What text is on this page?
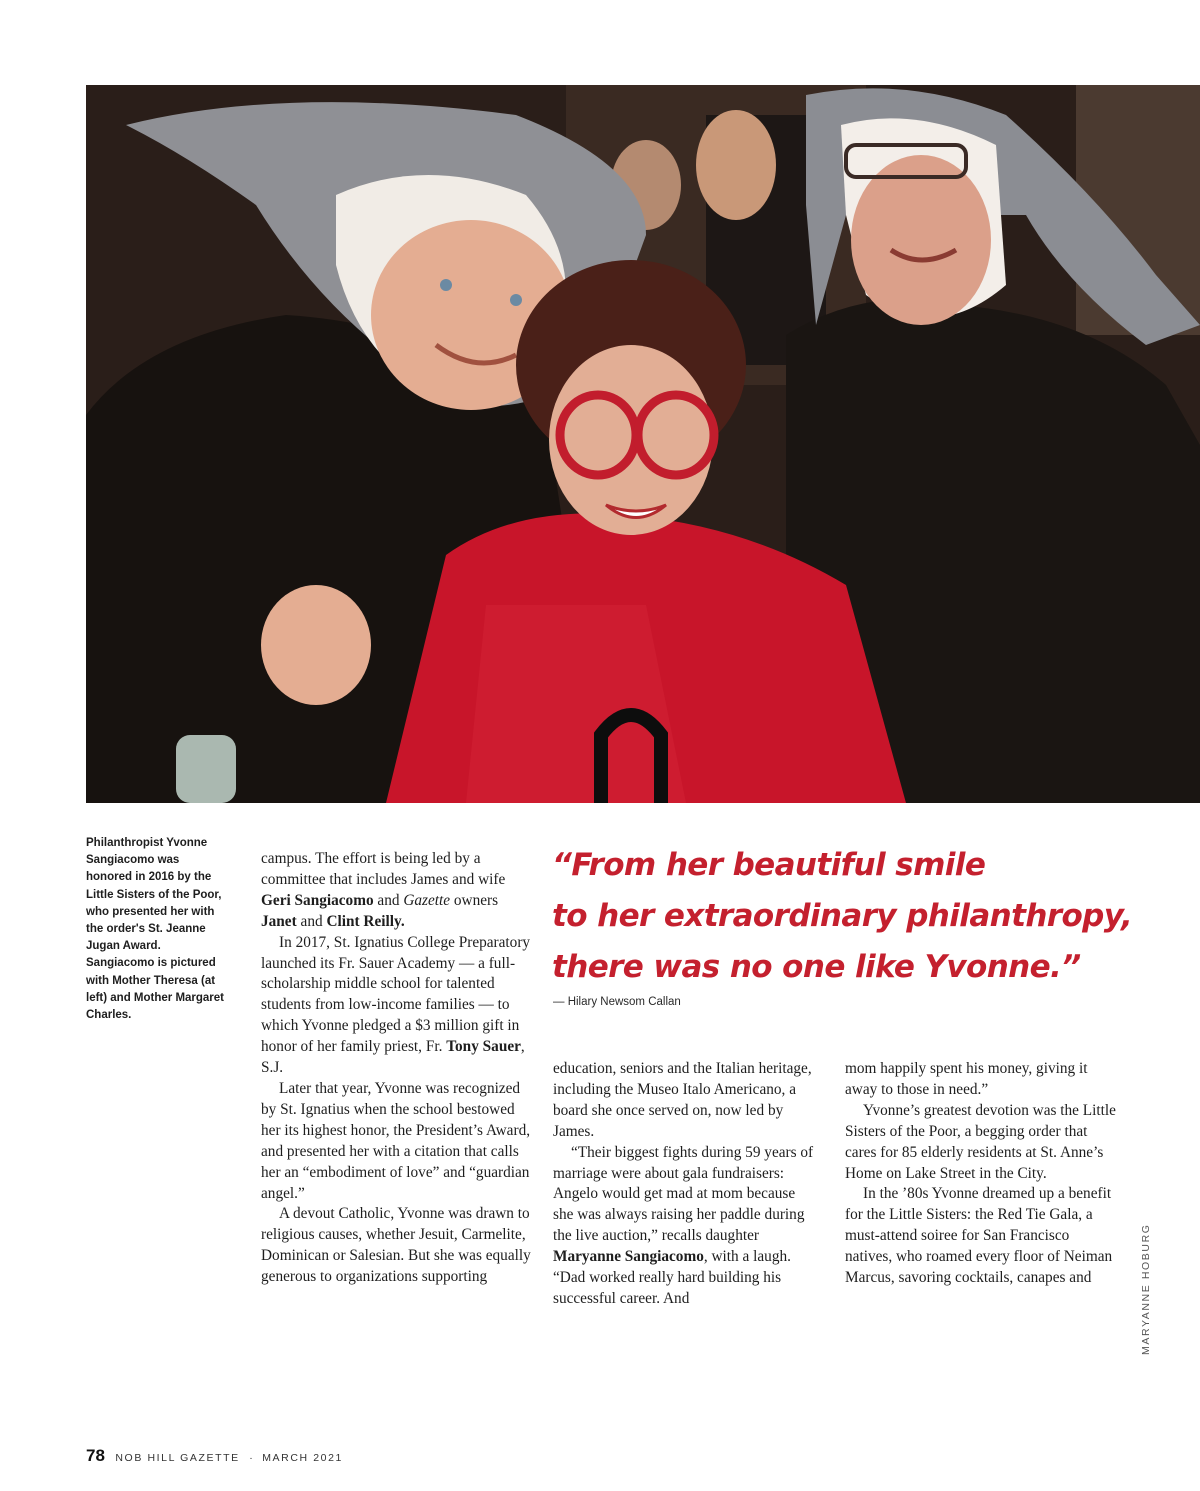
Philanthropist Yvonne Sangiacomo was honored in 2016 by the Little Sisters of the Poor, who presented her with the order's St. Jeanne Jugan Award. Sangiacomo is pictured with Mother Theresa (at left) and Mother Margaret Charles.

campus. The effort is being led by a committee that includes James and wife Geri Sangiacomo and Gazette owners Janet and Clint Reilly.

In 2017, St. Ignatius College Preparatory launched its Fr. Sauer Academy — a full-scholarship middle school for talented students from low-income families — to which Yvonne pledged a $3 million gift in honor of her family priest, Fr. Tony Sauer, S.J.

Later that year, Yvonne was recognized by St. Ignatius when the school bestowed her its highest honor, the President’s Award, and presented her with a citation that calls her an “embodiment of love” and “guardian angel.”

A devout Catholic, Yvonne was drawn to religious causes, whether Jesuit, Carmelite, Dominican or Salesian. But she was equally generous to organizations supporting

“From her beautiful smile
to her extraordinary philanthropy,
there was no one like Yvonne.”
— Hilary Newsom Callan

education, seniors and the Italian heritage, including the Museo Italo Americano, a board she once served on, now led by James.

“Their biggest fights during 59 years of marriage were about gala fundraisers: Angelo would get mad at mom because she was always raising her paddle during the live auction,” recalls daughter Maryanne Sangiacomo, with a laugh. “Dad worked really hard building his successful career. And

mom happily spent his money, giving it away to those in need.”

Yvonne’s greatest devotion was the Little Sisters of the Poor, a begging order that cares for 85 elderly residents at St. Anne’s Home on Lake Street in the City.

In the ’80s Yvonne dreamed up a benefit for the Little Sisters: the Red Tie Gala, a must-attend soiree for San Francisco natives, who roamed every floor of Neiman Marcus, savoring cocktails, canapes and	MARYANNE HOBURG
78 NOB HILL GAZETTE · MARCH 2021
